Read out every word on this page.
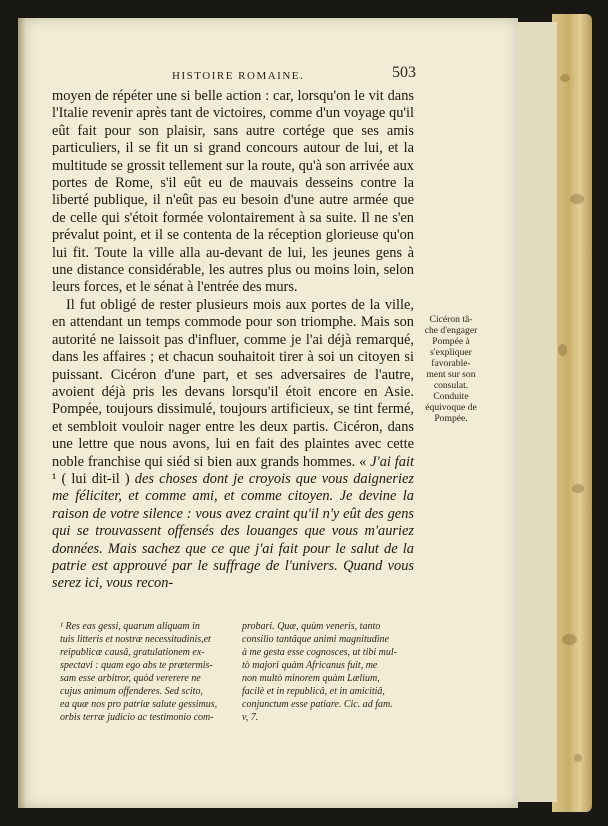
HISTOIRE ROMAINE.	503

moyen de répéter une si belle action : car, lorsqu'on le vit dans l'Italie revenir après tant de victoires, comme d'un voyage qu'il eût fait pour son plaisir, sans autre cortége que ses amis particuliers, il se fit un si grand concours autour de lui, et la multitude se grossit tellement sur la route, qu'à son arrivée aux portes de Rome, s'il eût eu de mauvais desseins contre la liberté publique, il n'eût pas eu besoin d'une autre armée que de celle qui s'étoit formée volontairement à sa suite. Il ne s'en prévalut point, et il se contenta de la réception glorieuse qu'on lui fit. Toute la ville alla au-devant de lui, les jeunes gens à une distance considérable, les autres plus ou moins loin, selon leurs forces, et le sénat à l'entrée des murs.

Il fut obligé de rester plusieurs mois aux portes de la ville, en attendant un temps commode pour son triomphe. Mais son autorité ne laissoit pas d'influer, comme je l'ai déjà remarqué, dans les affaires ; et chacun souhaitoit tirer à soi un citoyen si puissant. Cicéron d'une part, et ses adversaires de l'autre, avoient déjà pris les devans lorsqu'il étoit encore en Asie. Pompée, toujours dissimulé, toujours artificieux, se tint fermé, et sembloit vouloir nager entre les deux partis. Cicéron, dans une lettre que nous avons, lui en fait des plaintes avec cette noble franchise qui siéd si bien aux grands hommes. « J'ai fait ¹ ( lui dit-il ) des choses dont je croyois que vous daigneriez me féliciter, et comme ami, et comme citoyen. Je devine la raison de votre silence : vous avez craint qu'il n'y eût des gens qui se trouvassent offensés des louanges que vous m'auriez données. Mais sachez que ce que j'ai fait pour le salut de la patrie est approuvé par le suffrage de l'univers. Quand vous serez ici, vous recon-

Cicéron tâ-
che d'engager
Pompée à
s'expliquer
favorable-
ment sur son
consulat.
Conduite
équivoque de
Pompée.
¹ Res eas gessi, quarum aliquam in
tuis litteris et nostræ necessitudinis,et
reipublicæ causâ, gratulationem ex-
spectavi : quam ego abs te prætermis-
sam esse arbitror, quòd vererere ne
cujus animum offenderes. Sed scito,
ea quæ nos pro patriæ salute gessimus,
orbis terræ judicio ac testimonio com-
probari. Quæ, quùm veneris, tanto
consilio tantâque animi magnitudine
à me gesta esse cognosces, ut tibi mul-
tò majori quàm Africanus fuit, me
non multò minorem quàm Lælium,
facilè et in republicâ, et in amicitiâ,
conjunctum esse patiare. Cic. ad fam.
v, 7.
